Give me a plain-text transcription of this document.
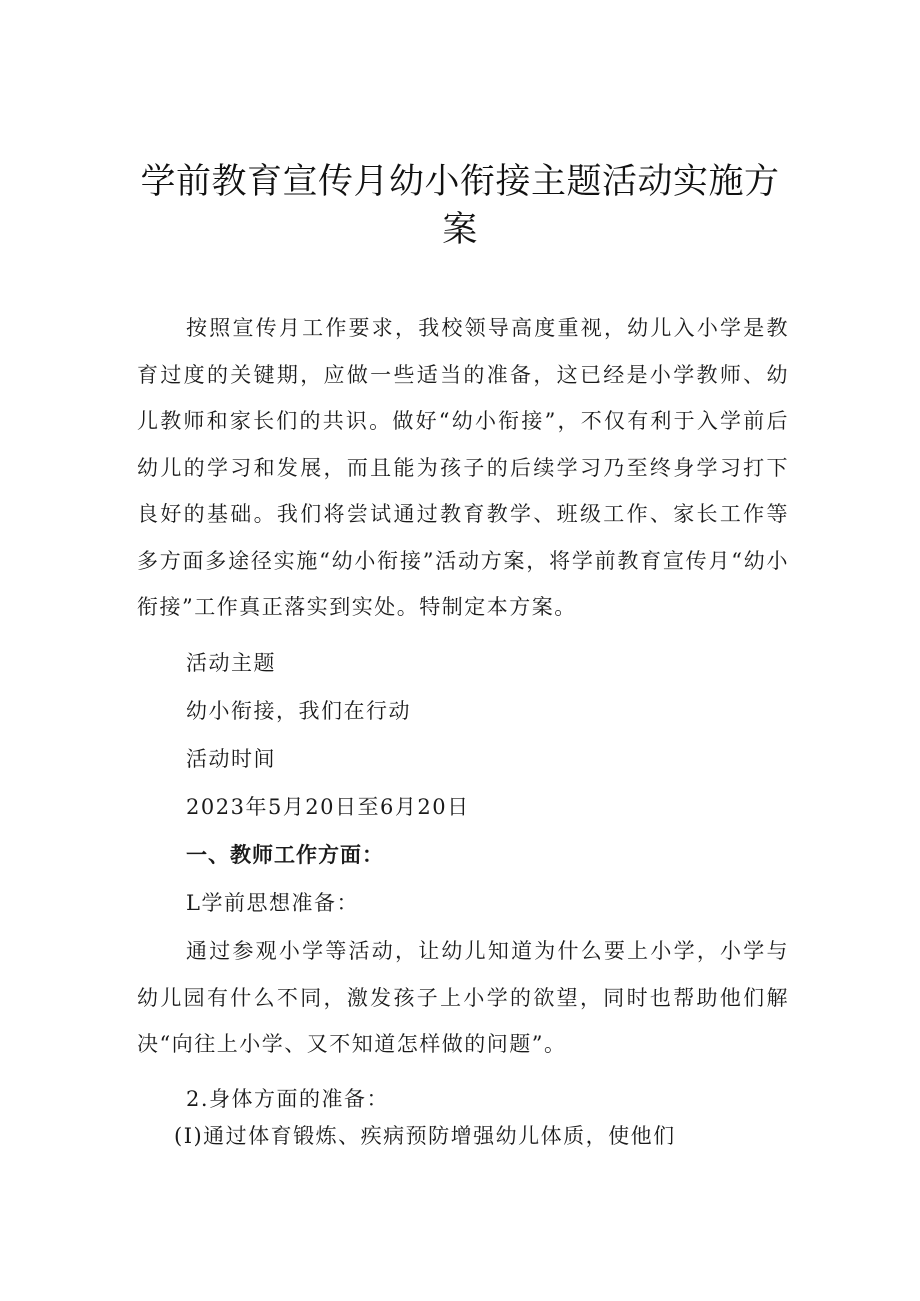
学前教育宣传月幼小衔接主题活动实施方案
按照宣传月工作要求，我校领导高度重视，幼儿入小学是教育过度的关键期，应做一些适当的准备，这已经是小学教师、幼儿教师和家长们的共识。做好“幼小衔接”，不仅有利于入学前后幼儿的学习和发展，而且能为孩子的后续学习乃至终身学习打下良好的基础。我们将尝试通过教育教学、班级工作、家长工作等多方面多途径实施“幼小衔接”活动方案，将学前教育宣传月“幼小衔接”工作真正落实到实处。特制定本方案。
活动主题
幼小衔接，我们在行动
活动时间
2023年5月20日至6月20日
一、教师工作方面：
L学前思想准备：
通过参观小学等活动，让幼儿知道为什么要上小学，小学与幼儿园有什么不同，激发孩子上小学的欲望，同时也帮助他们解决“向往上小学、又不知道怎样做的问题”。
2.身体方面的准备：
(I)通过体育锻炼、疾病预防增强幼儿体质，使他们
